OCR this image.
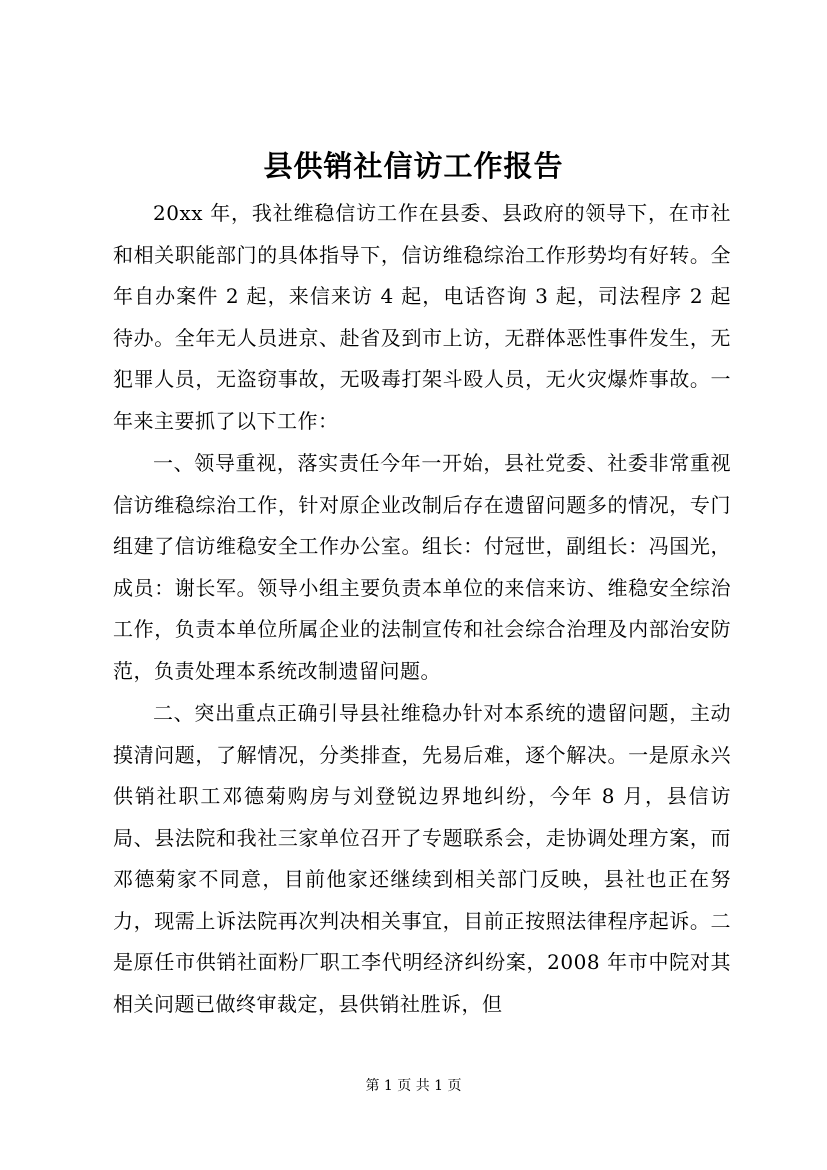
县供销社信访工作报告

20xx 年，我社维稳信访工作在县委、县政府的领导下，在市社和相关职能部门的具体指导下，信访维稳综治工作形势均有好转。全年自办案件 2 起，来信来访 4 起，电话咨询 3 起，司法程序 2 起待办。全年无人员进京、赴省及到市上访，无群体恶性事件发生，无犯罪人员，无盗窃事故，无吸毒打架斗殴人员，无火灾爆炸事故。一年来主要抓了以下工作：

一、领导重视，落实责任今年一开始，县社党委、社委非常重视信访维稳综治工作，针对原企业改制后存在遗留问题多的情况，专门组建了信访维稳安全工作办公室。组长：付冠世，副组长：冯国光，成员：谢长军。领导小组主要负责本单位的来信来访、维稳安全综治工作，负责本单位所属企业的法制宣传和社会综合治理及内部治安防范，负责处理本系统改制遗留问题。

二、突出重点正确引导县社维稳办针对本系统的遗留问题，主动摸清问题，了解情况，分类排查，先易后难，逐个解决。一是原永兴供销社职工邓德菊购房与刘登锐边界地纠纷，今年 8 月，县信访局、县法院和我社三家单位召开了专题联系会，走协调处理方案，而邓德菊家不同意，目前他家还继续到相关部门反映，县社也正在努力，现需上诉法院再次判决相关事宜，目前正按照法律程序起诉。二是原任市供销社面粉厂职工李代明经济纠纷案，2008 年市中院对其相关问题已做终审裁定，县供销社胜诉，但

第 1 页 共 1 页
